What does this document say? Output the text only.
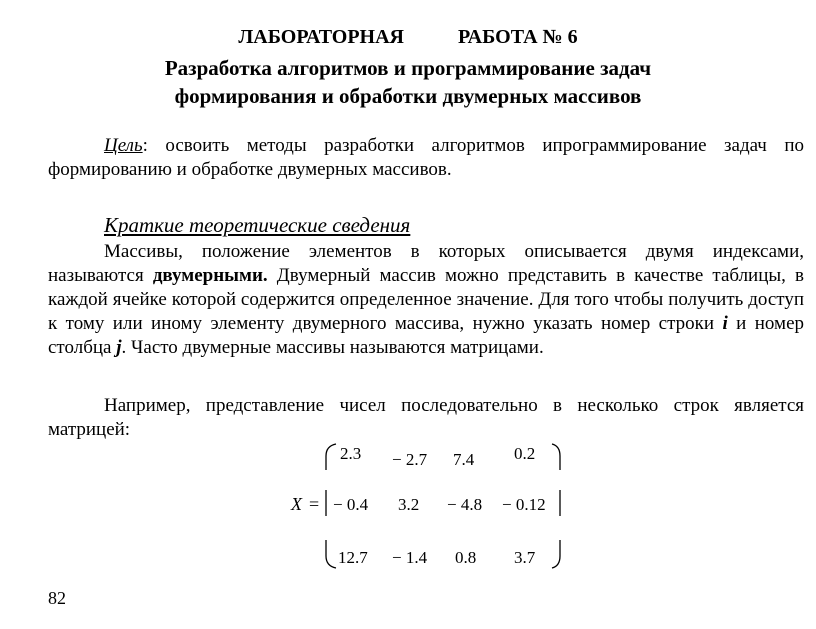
ЛАБОРАТОРНАЯ	РАБОТА № 6
Разработка алгоритмов и программирование задач
формирования и обработки двумерных массивов
Цель: освоить методы разработки алгоритмов ипрограммирование задач по формированию и обработке двумерных массивов.
Краткие теоретические сведения
Массивы, положение элементов в которых описывается двумя индексами, называются двумерными. Двумерный массив можно представить в качестве таблицы, в каждой ячейке которой содержится определенное значение. Для того чтобы получить доступ к тому или иному элементу двумерного массива, нужно указать номер строки i и номер столбца j. Часто двумерные массивы называются матрицами.
Например, представление чисел последовательно в несколько строк является матрицей:
X =
2.3 − 2.7 7.4 0.2
− 0.4 3.2 − 4.8 − 0.12
12.7 − 1.4 0.8 3.7
82
